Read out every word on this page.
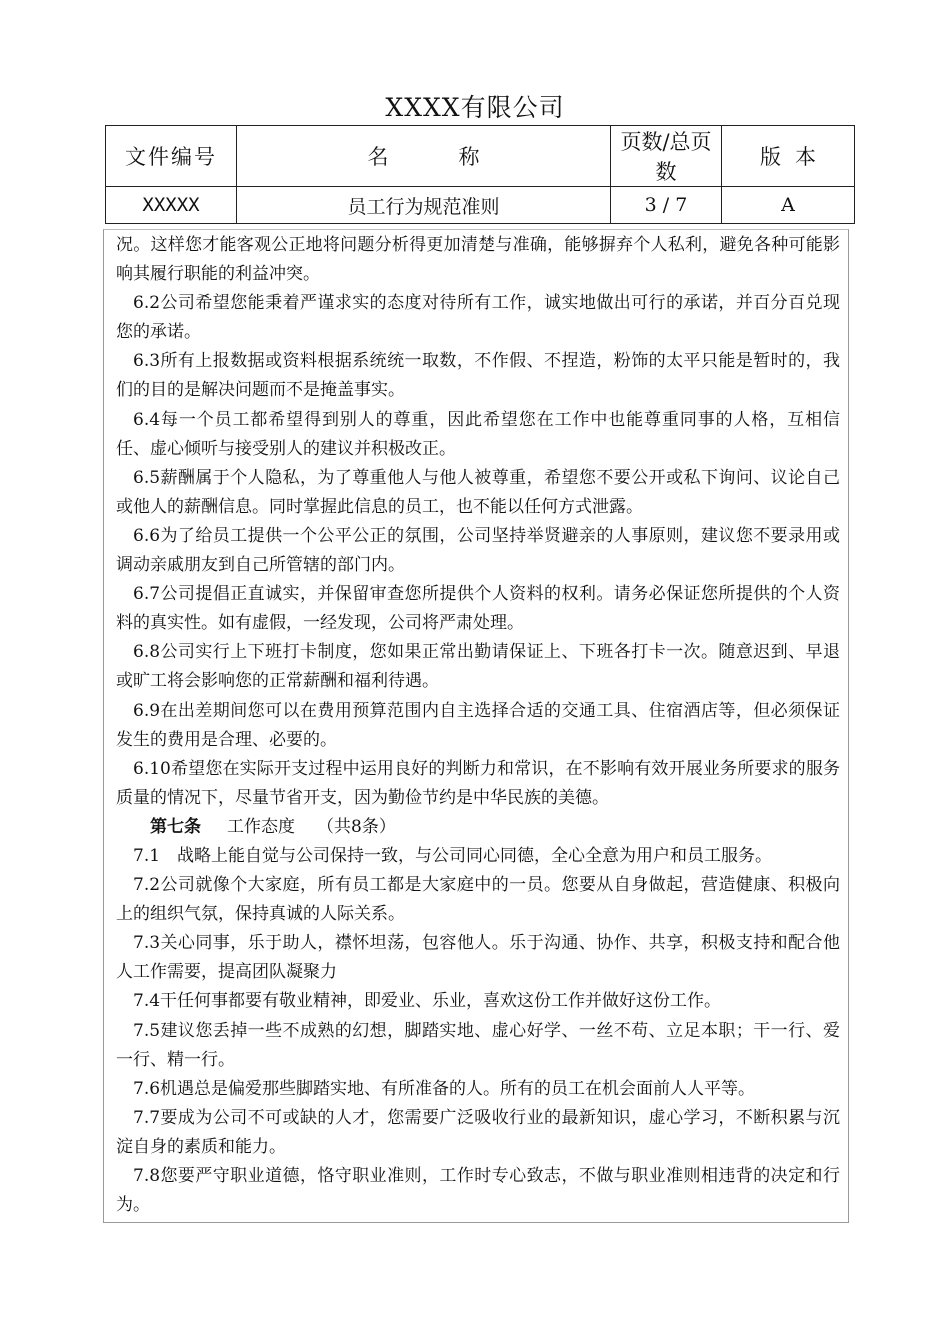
XXXX有限公司
文件编号	名称	页数/总页数	版本
XXXXX	员工行为规范准则	3 / 7	A

况。这样您才能客观公正地将问题分析得更加清楚与准确，能够摒弃个人私利，避免各种可能影响其履行职能的利益冲突。

6.2公司希望您能秉着严谨求实的态度对待所有工作，诚实地做出可行的承诺，并百分百兑现您的承诺。

6.3所有上报数据或资料根据系统统一取数，不作假、不捏造，粉饰的太平只能是暂时的，我们的目的是解决问题而不是掩盖事实。

6.4每一个员工都希望得到别人的尊重，因此希望您在工作中也能尊重同事的人格，互相信任、虚心倾听与接受别人的建议并积极改正。

6.5薪酬属于个人隐私，为了尊重他人与他人被尊重，希望您不要公开或私下询问、议论自己或他人的薪酬信息。同时掌握此信息的员工，也不能以任何方式泄露。

6.6为了给员工提供一个公平公正的氛围，公司坚持举贤避亲的人事原则，建议您不要录用或调动亲戚朋友到自己所管辖的部门内。

6.7公司提倡正直诚实，并保留审查您所提供个人资料的权利。请务必保证您所提供的个人资料的真实性。如有虚假，一经发现，公司将严肃处理。

6.8公司实行上下班打卡制度，您如果正常出勤请保证上、下班各打卡一次。随意迟到、早退或旷工将会影响您的正常薪酬和福利待遇。

6.9在出差期间您可以在费用预算范围内自主选择合适的交通工具、住宿酒店等，但必须保证发生的费用是合理、必要的。

6.10希望您在实际开支过程中运用良好的判断力和常识，在不影响有效开展业务所要求的服务质量的情况下，尽量节省开支，因为勤俭节约是中华民族的美德。

第七条 工作态度 （共8条）

7.1　战略上能自觉与公司保持一致，与公司同心同德，全心全意为用户和员工服务。

7.2公司就像个大家庭，所有员工都是大家庭中的一员。您要从自身做起，营造健康、积极向上的组织气氛，保持真诚的人际关系。

7.3关心同事，乐于助人，襟怀坦荡，包容他人。乐于沟通、协作、共享，积极支持和配合他人工作需要，提高团队凝聚力

7.4干任何事都要有敬业精神，即爱业、乐业，喜欢这份工作并做好这份工作。

7.5建议您丢掉一些不成熟的幻想，脚踏实地、虚心好学、一丝不苟、立足本职；干一行、爱一行、精一行。

7.6机遇总是偏爱那些脚踏实地、有所准备的人。所有的员工在机会面前人人平等。

7.7要成为公司不可或缺的人才，您需要广泛吸收行业的最新知识，虚心学习，不断积累与沉淀自身的素质和能力。

7.8您要严守职业道德，恪守职业准则，工作时专心致志，不做与职业准则相违背的决定和行为。
